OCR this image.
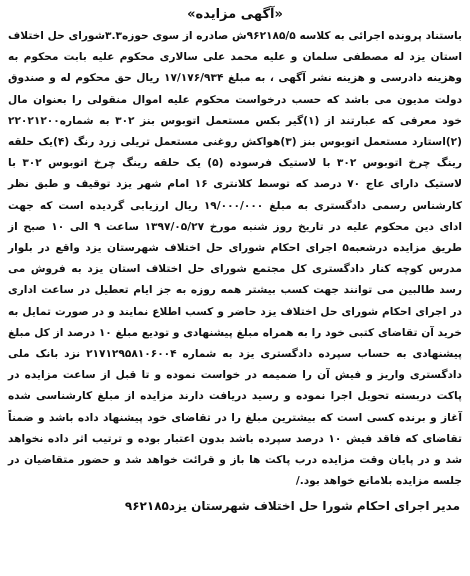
«آگهی مزایده»

باستناد پرونده اجرائی به کلاسه ۹۶۲۱۸۵/۵ش صادره از سوی حوزه۳.۳شورای حل اختلاف استان یزد له مصطفی سلمان و علیه محمد علی سالاری محکوم علیه بابت محکوم به وهزینه دادرسی و هزینه نشر آگهی ، به مبلغ ۱۷/۱۷۶/۹۳۴ ریال حق محکوم له و صندوق دولت مدیون می باشد که حسب درخواست محکوم علیه اموال منقولی را بعنوان مال خود معرفی که عبارتند از (۱)گیر بکس مستعمل اتوبوس بنز ۳۰۲ به شماره۲۲۰۲۱۲۰۰ (۲)استارد مستعمل اتوبوس بنز (۳)هواکش روغنی مستعمل تریلی زرد رنگ (۴)یک حلقه رینگ چرخ اتوبوس ۳۰۲ با لاستیک فرسوده (۵) یک حلقه رینگ چرخ اتوبوس ۳۰۲ با لاستیک دارای عاج ۷۰ درصد که توسط کلانتری ۱۶ امام شهر یزد توقیف و طبق نظر کارشناس رسمی دادگستری به مبلغ ۱۹/۰۰۰/۰۰۰ ریال ارزیابی گردیده است که جهت ادای دین محکوم علیه در تاریخ روز شنبه مورخ ۱۳۹۷/۰۵/۲۷ ساعت ۹ الی ۱۰ صبح از طریق مزایده درشعبه۵ اجرای احکام شورای حل اختلاف شهرستان یزد واقع در بلوار مدرس کوچه کنار دادگستری کل مجتمع شورای حل اختلاف استان یزد به فروش می رسد طالبین می توانند جهت کسب بیشتر همه روزه به جز ایام تعطیل در ساعت اداری در اجرای احکام شورای حل اختلاف یزد حاضر و کسب اطلاع نمایند و در صورت تمایل به خرید آن تقاضای کتبی خود را به همراه مبلغ پیشنهادی و تودیع مبلغ ۱۰ درصد از کل مبلغ پیشنهادی به حساب سپرده دادگستری یزد به شماره ۲۱۷۱۲۹۵۸۱۰۶۰۰۴ نزد بانک ملی دادگستری واریز و فیش آن را ضمیمه در خواست نموده و تا قبل از ساعت مزایده در پاکت دربسته تحویل اجرا نموده و رسید دریافت دارند مزایده از مبلغ کارشناسی شده آغاز و برنده کسی است که بیشترین مبلغ را در تقاضای خود پیشنهاد داده باشد و ضمناً تقاضای که فاقد فیش ۱۰ درصد سپرده باشد بدون اعتبار بوده و ترتیب اثر داده نخواهد شد و در پایان وقت مزایده درب پاکت ها باز و قرائت خواهد شد و حضور متقاضیان در جلسه مزایده بلامانع خواهد بود./

مدیر اجرای احکام شورا حل اختلاف شهرستان یزد۹۶۲۱۸۵
